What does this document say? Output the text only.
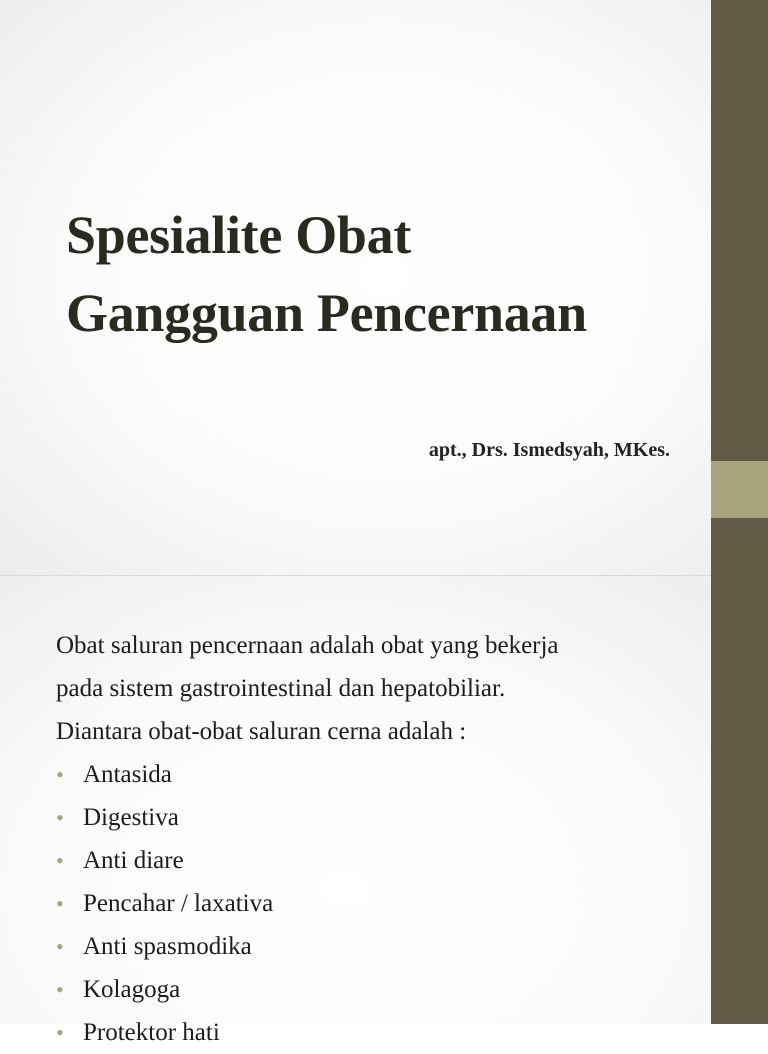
Spesialite Obat
Gangguan Pencernaan

apt., Drs. Ismedsyah, MKes.

Obat saluran pencernaan adalah obat yang bekerja

pada sistem gastrointestinal dan hepatobiliar.

Diantara obat-obat saluran cerna adalah :

• Antasida
• Digestiva
• Anti diare
• Pencahar / laxativa
• Anti spasmodika
• Kolagoga
• Protektor hati
